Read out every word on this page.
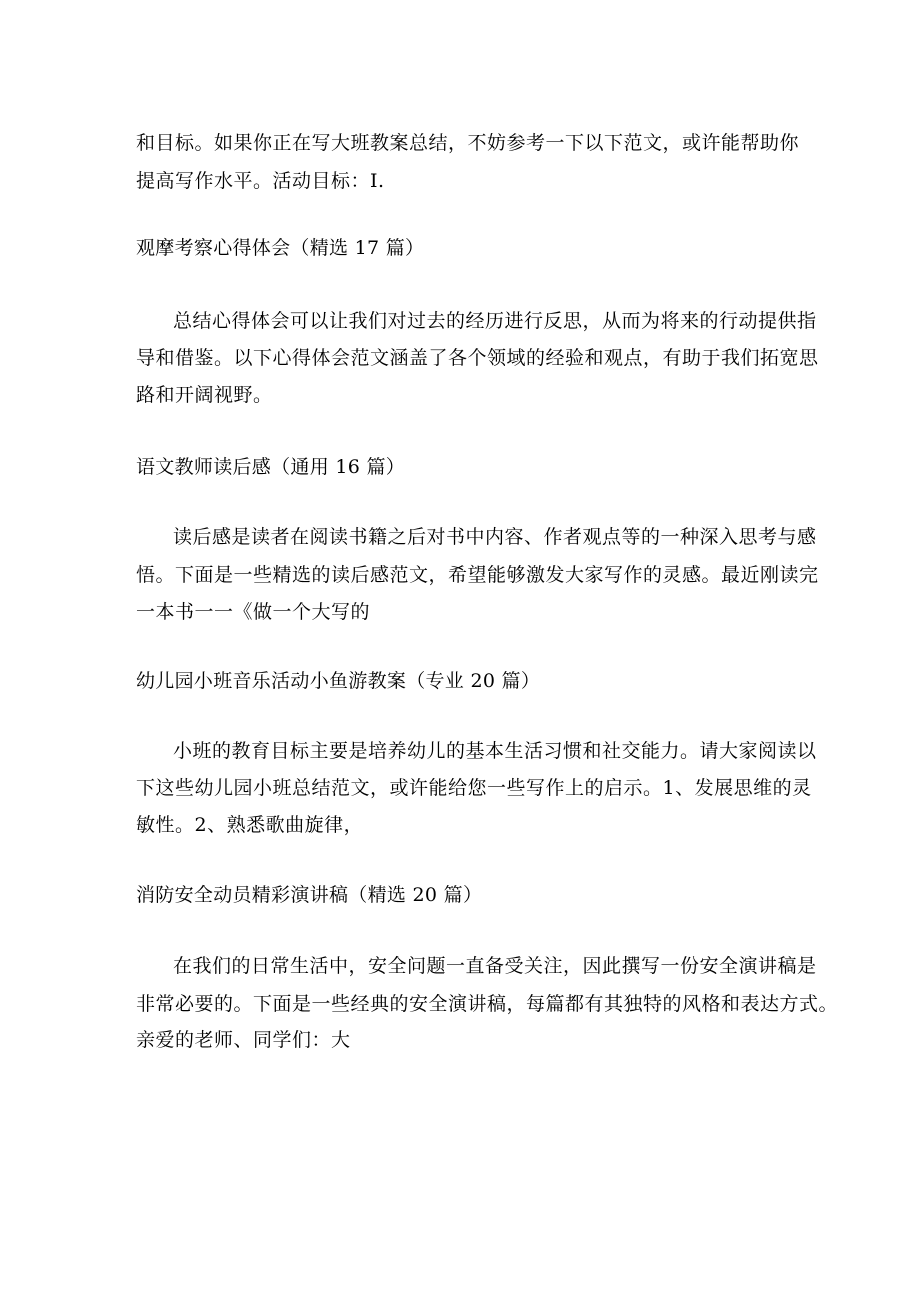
和目标。如果你正在写大班教案总结，不妨参考一下以下范文，或许能帮助你
提高写作水平。活动目标：I.
观摩考察心得体会（精选 17 篇）
总结心得体会可以让我们对过去的经历进行反思，从而为将来的行动提供指
导和借鉴。以下心得体会范文涵盖了各个领域的经验和观点，有助于我们拓宽思
路和开阔视野。
语文教师读后感（通用 16 篇）
读后感是读者在阅读书籍之后对书中内容、作者观点等的一种深入思考与感
悟。下面是一些精选的读后感范文，希望能够激发大家写作的灵感。最近刚读完
一本书一一《做一个大写的
幼儿园小班音乐活动小鱼游教案（专业 20 篇）
小班的教育目标主要是培养幼儿的基本生活习惯和社交能力。请大家阅读以
下这些幼儿园小班总结范文，或许能给您一些写作上的启示。1、发展思维的灵
敏性。2、熟悉歌曲旋律，
消防安全动员精彩演讲稿（精选 20 篇）
在我们的日常生活中，安全问题一直备受关注，因此撰写一份安全演讲稿是
非常必要的。下面是一些经典的安全演讲稿，每篇都有其独特的风格和表达方式。
亲爱的老师、同学们：大
